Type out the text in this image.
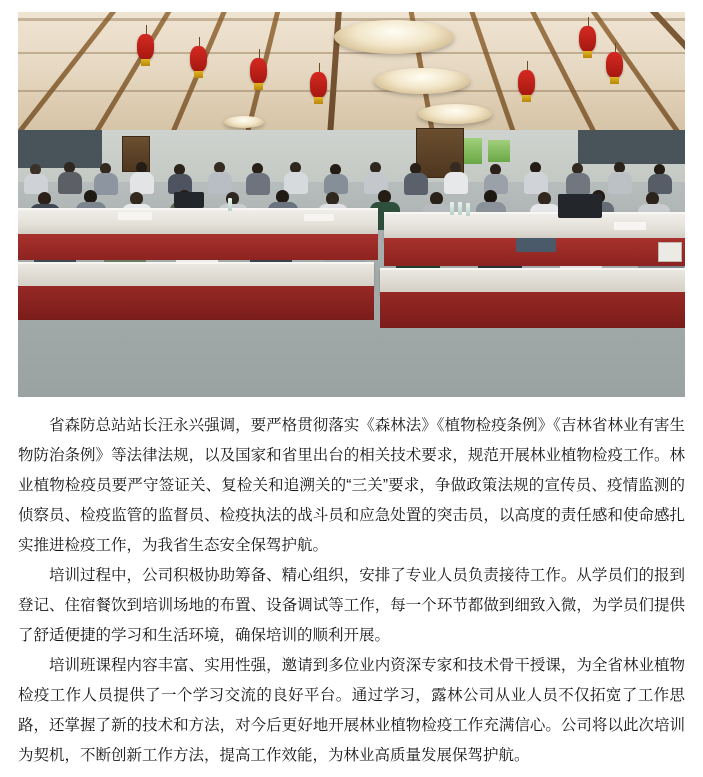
省森防总站站长汪永兴强调，要严格贯彻落实《森林法》《植物检疫条例》《吉林省林业有害生物防治条例》等法律法规，以及国家和省里出台的相关技术要求，规范开展林业植物检疫工作。林业植物检疫员要严守签证关、复检关和追溯关的“三关”要求，争做政策法规的宣传员、疫情监测的侦察员、检疫监管的监督员、检疫执法的战斗员和应急处置的突击员，以高度的责任感和使命感扎实推进检疫工作，为我省生态安全保驾护航。

培训过程中，公司积极协助筹备、精心组织，安排了专业人员负责接待工作。从学员们的报到登记、住宿餐饮到培训场地的布置、设备调试等工作，每一个环节都做到细致入微，为学员们提供了舒适便捷的学习和生活环境，确保培训的顺利开展。

培训班课程内容丰富、实用性强，邀请到多位业内资深专家和技术骨干授课，为全省林业植物检疫工作人员提供了一个学习交流的良好平台。通过学习，露林公司从业人员不仅拓宽了工作思路，还掌握了新的技术和方法，对今后更好地开展林业植物检疫工作充满信心。公司将以此次培训为契机，不断创新工作方法，提高工作效能，为林业高质量发展保驾护航。
